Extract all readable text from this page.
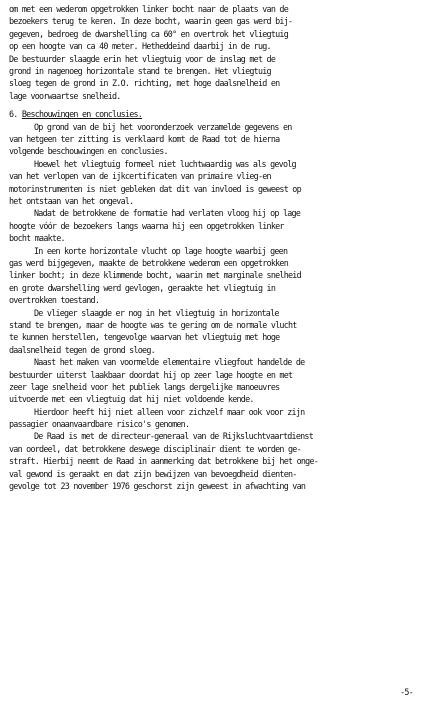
om met een wederom opgetrokken linker bocht naar de plaats van de
bezoekers terug te keren. In deze bocht, waarin geen gas werd bij-
gegeven, bedroeg de dwarshelling ca 60° en overtrok het vliegtuig
op een hoogte van ca 40 meter. Hetheddeind daarbij in de rug.
De bestuurder slaagde erin het vliegtuig voor de inslag met de
grond in nagenoeg horizontale stand te brengen. Het vliegtuig
sloeg tegen de grond in Z.O. richting, met hoge daalsnelheid en
lage voorwaartse snelheid.
6. Beschouwingen en conclusies.
Op grond van de bij het vooronderzoek verzamelde gegevens en
van hetgeen ter zitting is verklaard komt de Raad tot de hierna
volgende beschouwingen en conclusies.
Hoewel het vliegtuig formeel niet luchtwaardig was als gevolg
van het verlopen van de ijkcertificaten van primaire vlieg-en
motorinstrumenten is niet gebleken dat dit van invloed is geweest op
het ontstaan van het ongeval.
Nadat de betrokkene de formatie had verlaten vloog hij op lage
hoogte vóór de bezoekers langs waarna hij een opgetrokken linker
bocht maakte.
In een korte horizontale vlucht op lage hoogte waarbij geen
gas werd bijgegeven, maakte de betrokkene wederom een opgetrokken
linker bocht; in deze klimmende bocht, waarin met marginale snelheid
en grote dwarshelling werd gevlogen, geraakte het vliegtuig in
overtrokken toestand.
De vlieger slaagde er nog in het vliegtuig in horizontale
stand te brengen, maar de hoogte was te gering om de normale vlucht
te kunnen herstellen, tengevolge waarvan het vliegtuig met hoge
daalsnelheid tegen de grond sloeg.
Naast het maken van voormelde elementaire vliegfout handelde de
bestuurder uiterst laakbaar doordat hij op zeer lage hoogte en met
zeer lage snelheid voor het publiek langs dergelijke manoeuvres
uitvoerde met een vliegtuig dat hij niet voldoende kende.
Hierdoor heeft hij niet alleen voor zichzelf maar ook voor zijn
passagier onaanvaardbare risico's genomen.
De Raad is met de directeur-generaal van de Rijksluchtvaartdienst
van oordeel, dat betrokkene deswege disciplinair dient te worden ge-
straft. Hierbij neemt de Raad in aanmerking dat betrokkene bij het onge-
val gewond is geraakt en dat zijn bewijzen van bevoegdheid dienten-
gevolge tot 23 november 1976 geschorst zijn geweest in afwachting van
-5-
